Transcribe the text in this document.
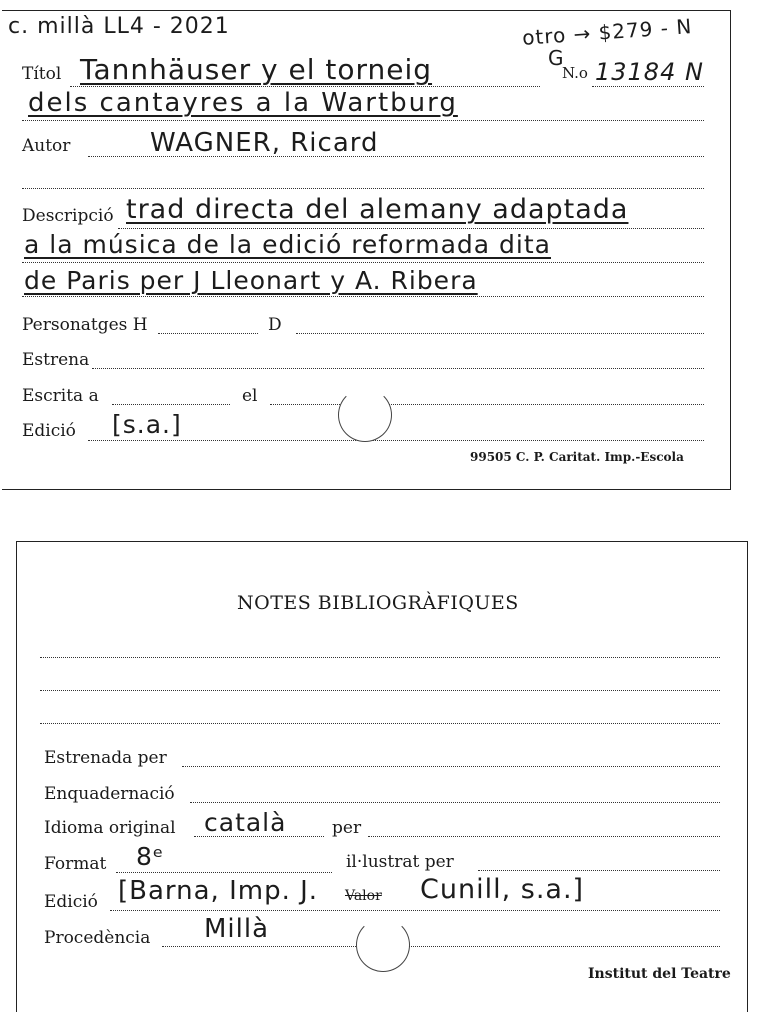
c. millà LL4 - 2021	otro → $279 - N
Títol Tannhäuser y el torneig	G
N.o 13184 N
dels cantayres a la Wartburg
Autor	WAGNER, Ricard
Descripció trad directa del alemany adaptada
a la música de la edició reformada dita
de Paris per J Lleonart y A. Ribera
Personatges H	D
Estrena
Escrita a	el
Edició [s.a.]
99505 C. P. Caritat. Imp.-Escola
NOTES BIBLIOGRÀFIQUES
Estrenada per
Enquadernació
Idioma original català	per
Format 8ᵉ	il·lustrat per
Edició [Barna, Imp. J. Valor Cunill, s.a.]
Procedència Millà
Institut del Teatre
